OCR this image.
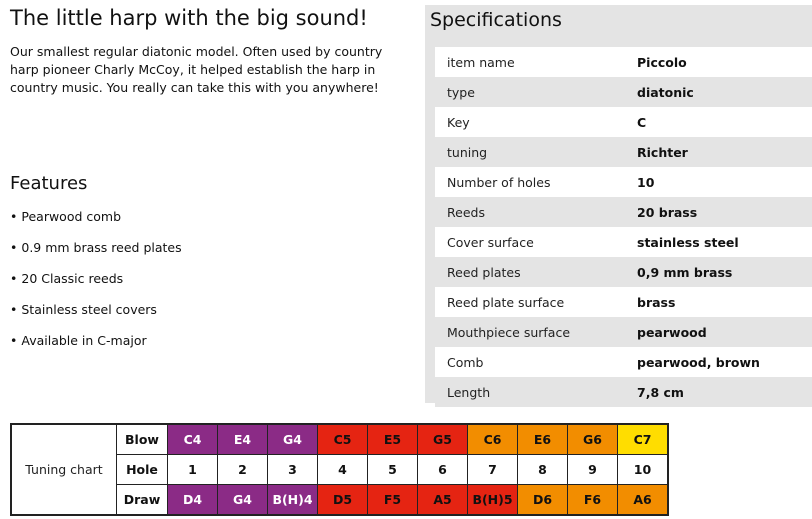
The little harp with the big sound!

Our smallest regular diatonic model. Often used by country harp pioneer Charly McCoy, it helped establish the harp in country music. You really can take this with you anywhere!

Features
• Pearwood comb
• 0.9 mm brass reed plates
• 20 Classic reeds
• Stainless steel covers
• Available in C-major
Specifications
item name	Piccolo
type	diatonic
Key	C
tuning	Richter
Number of holes	10
Reeds	20 brass
Cover surface	stainless steel
Reed plates	0,9 mm brass
Reed plate surface	brass
Mouthpiece surface	pearwood
Comb	pearwood, brown
Length	7,8 cm
Tuning chart	Blow	C4	E4	G4	C5	E5	G5	C6	E6	G6	C7
	Hole	1	2	3	4	5	6	7	8	9	10
	Draw	D4	G4	B(H)4	D5	F5	A5	B(H)5	D6	F6	A6
